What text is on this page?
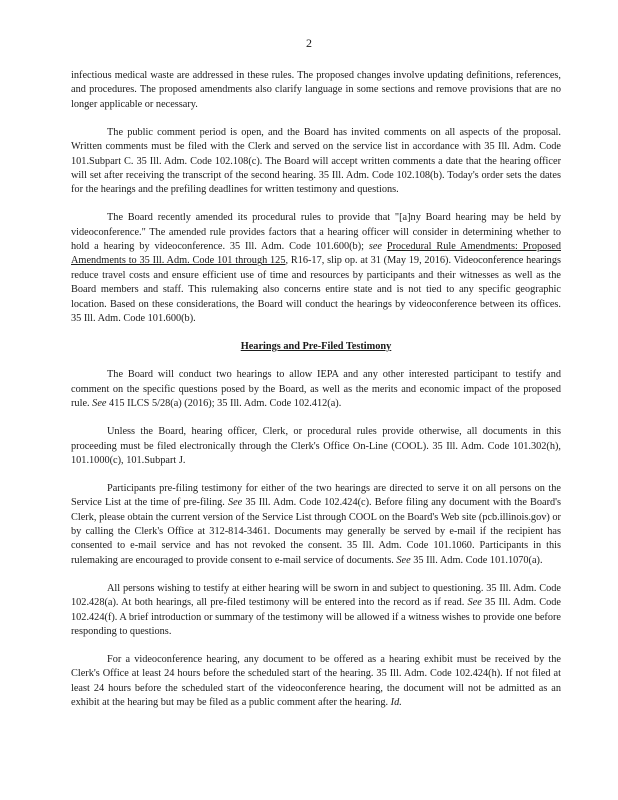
2

infectious medical waste are addressed in these rules. The proposed changes involve updating definitions, references, and procedures. The proposed amendments also clarify language in some sections and remove provisions that are no longer applicable or necessary.

The public comment period is open, and the Board has invited comments on all aspects of the proposal. Written comments must be filed with the Clerk and served on the service list in accordance with 35 Ill. Adm. Code 101.Subpart C. 35 Ill. Adm. Code 102.108(c). The Board will accept written comments a date that the hearing officer will set after receiving the transcript of the second hearing. 35 Ill. Adm. Code 102.108(b). Today's order sets the dates for the hearings and the prefiling deadlines for written testimony and questions.

The Board recently amended its procedural rules to provide that "[a]ny Board hearing may be held by videoconference." The amended rule provides factors that a hearing officer will consider in determining whether to hold a hearing by videoconference. 35 Ill. Adm. Code 101.600(b); see Procedural Rule Amendments: Proposed Amendments to 35 Ill. Adm. Code 101 through 125, R16-17, slip op. at 31 (May 19, 2016). Videoconference hearings reduce travel costs and ensure efficient use of time and resources by participants and their witnesses as well as the Board members and staff. This rulemaking also concerns entire state and is not tied to any specific geographic location. Based on these considerations, the Board will conduct the hearings by videoconference between its offices. 35 Ill. Adm. Code 101.600(b).

Hearings and Pre-Filed Testimony

The Board will conduct two hearings to allow IEPA and any other interested participant to testify and comment on the specific questions posed by the Board, as well as the merits and economic impact of the proposed rule. See 415 ILCS 5/28(a) (2016); 35 Ill. Adm. Code 102.412(a).

Unless the Board, hearing officer, Clerk, or procedural rules provide otherwise, all documents in this proceeding must be filed electronically through the Clerk's Office On-Line (COOL). 35 Ill. Adm. Code 101.302(h), 101.1000(c), 101.Subpart J.

Participants pre-filing testimony for either of the two hearings are directed to serve it on all persons on the Service List at the time of pre-filing. See 35 Ill. Adm. Code 102.424(c). Before filing any document with the Board's Clerk, please obtain the current version of the Service List through COOL on the Board's Web site (pcb.illinois.gov) or by calling the Clerk's Office at 312-814-3461. Documents may generally be served by e-mail if the recipient has consented to e-mail service and has not revoked the consent. 35 Ill. Adm. Code 101.1060. Participants in this rulemaking are encouraged to provide consent to e-mail service of documents. See 35 Ill. Adm. Code 101.1070(a).

All persons wishing to testify at either hearing will be sworn in and subject to questioning. 35 Ill. Adm. Code 102.428(a). At both hearings, all pre-filed testimony will be entered into the record as if read. See 35 Ill. Adm. Code 102.424(f). A brief introduction or summary of the testimony will be allowed if a witness wishes to provide one before responding to questions.

For a videoconference hearing, any document to be offered as a hearing exhibit must be received by the Clerk's Office at least 24 hours before the scheduled start of the hearing. 35 Ill. Adm. Code 102.424(h). If not filed at least 24 hours before the scheduled start of the videoconference hearing, the document will not be admitted as an exhibit at the hearing but may be filed as a public comment after the hearing. Id.
